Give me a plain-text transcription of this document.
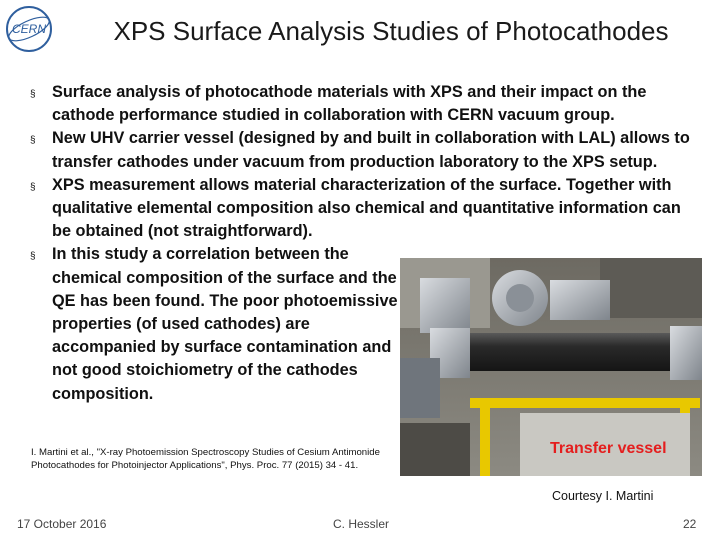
CERN	XPS Surface Analysis Studies of Photocathodes
§ Surface analysis of photocathode materials with XPS and their impact on the cathode performance studied in collaboration with CERN vacuum group.
§ New UHV carrier vessel (designed by and built in collaboration with LAL) allows to transfer cathodes under vacuum from production laboratory to the XPS setup.
§ XPS measurement allows material characterization of the surface. Together with qualitative elemental composition also chemical and quantitative information can be obtained (not straightforward).
§ In this study a correlation between the chemical composition of the surface and the QE has been found. The poor photoemissive properties (of used cathodes) are accompanied by surface contamination and not good stoichiometry of the cathodes composition.
Transfer vessel
I. Martini et al., "X-ray Photoemission Spectroscopy Studies of Cesium Antimonide Photocathodes for Photoinjector Applications", Phys. Proc. 77 (2015) 34 - 41.
Courtesy I. Martini
17 October 2016	C. Hessler	22
